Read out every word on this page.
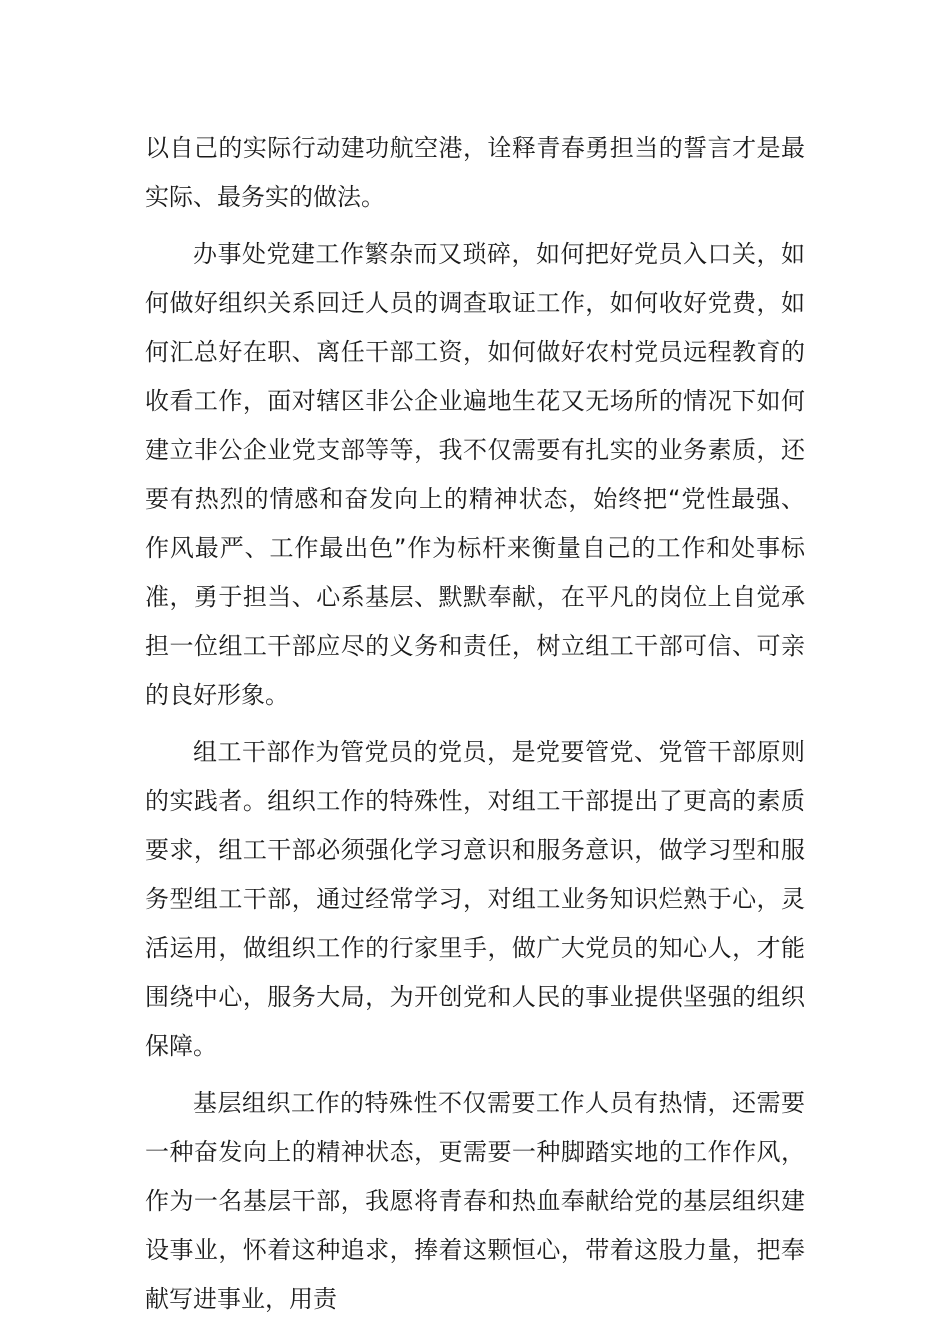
以自己的实际行动建功航空港，诠释青春勇担当的誓言才是最实际、最务实的做法。

办事处党建工作繁杂而又琐碎，如何把好党员入口关，如何做好组织关系回迁人员的调查取证工作，如何收好党费，如何汇总好在职、离任干部工资，如何做好农村党员远程教育的收看工作，面对辖区非公企业遍地生花又无场所的情况下如何建立非公企业党支部等等，我不仅需要有扎实的业务素质，还要有热烈的情感和奋发向上的精神状态，始终把“党性最强、作风最严、工作最出色”作为标杆来衡量自己的工作和处事标准，勇于担当、心系基层、默默奉献，在平凡的岗位上自觉承担一位组工干部应尽的义务和责任，树立组工干部可信、可亲的良好形象。

组工干部作为管党员的党员，是党要管党、党管干部原则的实践者。组织工作的特殊性，对组工干部提出了更高的素质要求，组工干部必须强化学习意识和服务意识，做学习型和服务型组工干部，通过经常学习，对组工业务知识烂熟于心，灵活运用，做组织工作的行家里手，做广大党员的知心人，才能围绕中心，服务大局，为开创党和人民的事业提供坚强的组织保障。

基层组织工作的特殊性不仅需要工作人员有热情，还需要一种奋发向上的精神状态，更需要一种脚踏实地的工作作风，作为一名基层干部，我愿将青春和热血奉献给党的基层组织建设事业，怀着这种追求，捧着这颗恒心，带着这股力量，把奉献写进事业，用责
